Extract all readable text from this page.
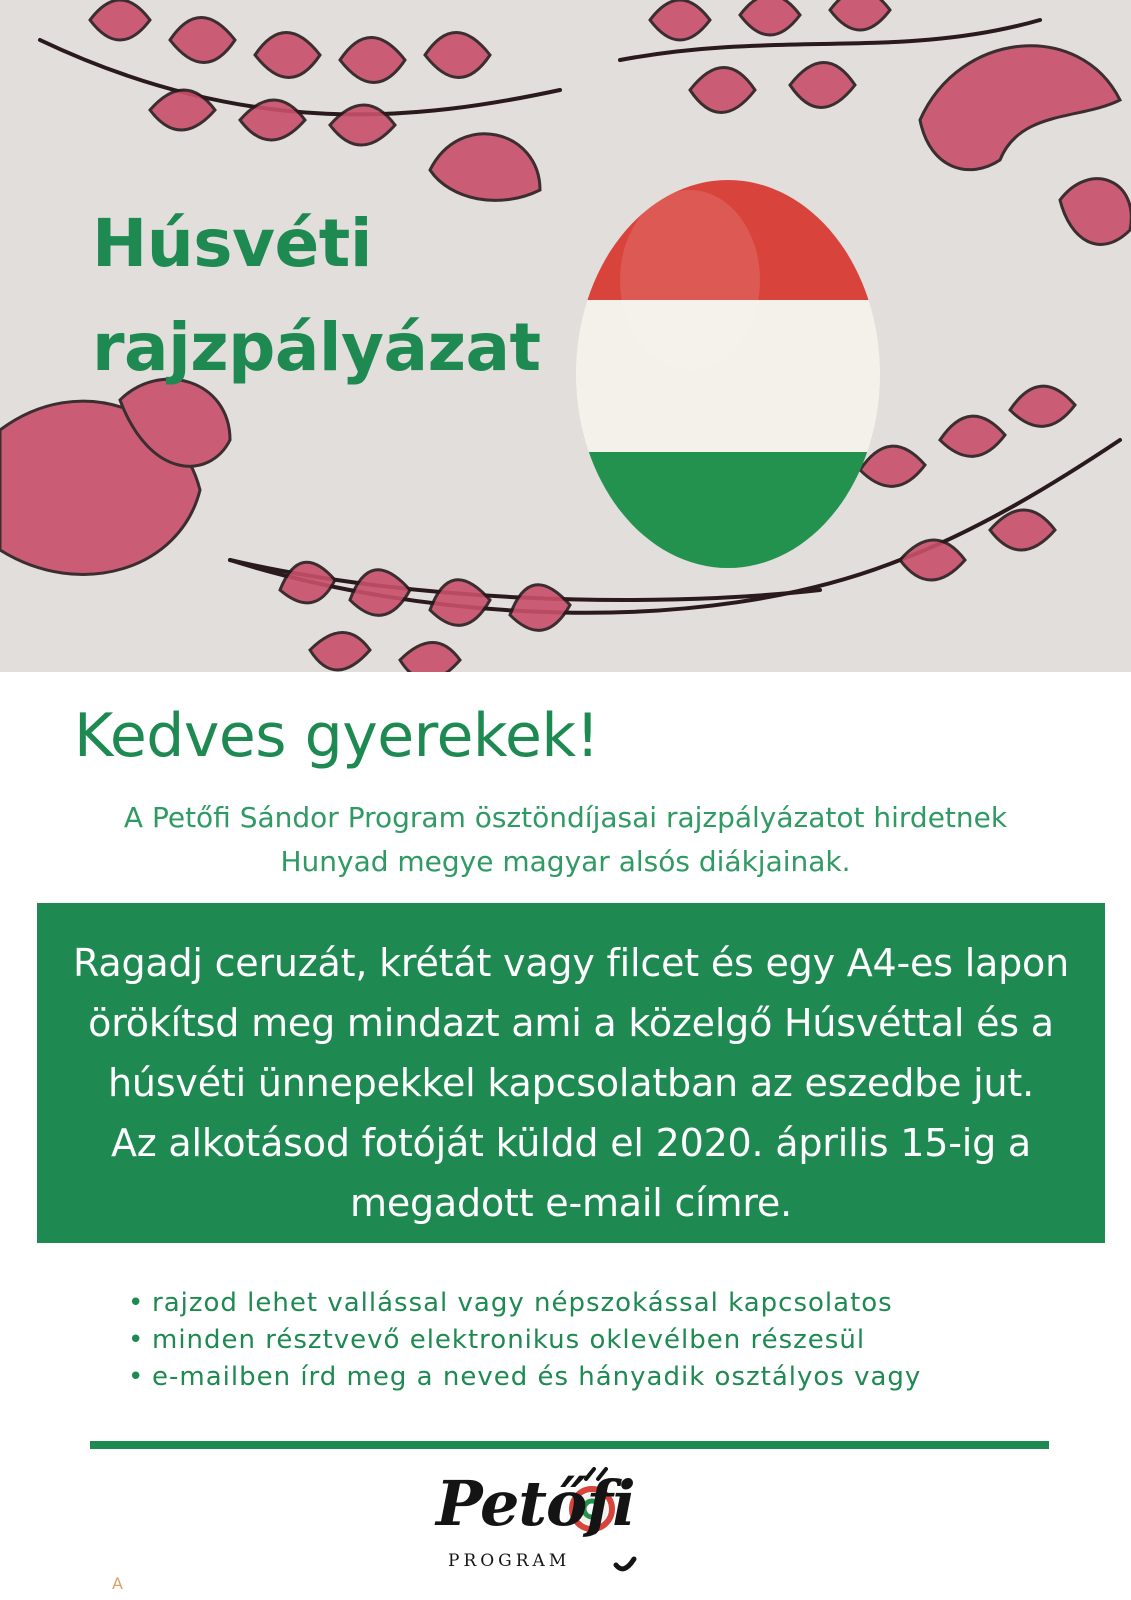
Húsvéti
rajzpályázat
Kedves gyerekek!

A Petőfi Sándor Program ösztöndíjasai rajzpályázatot hirdetnek
Hunyad megye magyar alsós diákjainak.

Ragadj ceruzát, krétát vagy filcet és egy A4-es lapon
örökítsd meg mindazt ami a közelgő Húsvéttal és a
húsvéti ünnepekkel kapcsolatban az eszedbe jut.
Az alkotásod fotóját küldd el 2020. április 15-ig a
megadott e-mail címre.
• rajzod lehet vallással vagy népszokással kapcsolatos
• minden résztvevő elektronikus oklevélben részesül
• e-mailben írd meg a neved és hányadik osztályos vagy
Petőfi
PROGRAM
A
